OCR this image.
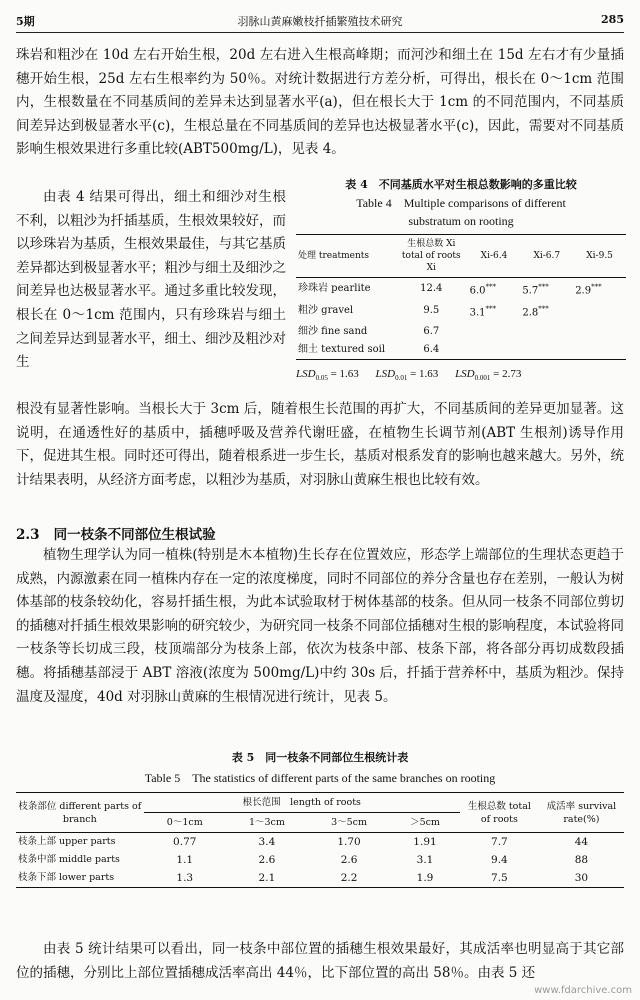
5期	羽脉山黄麻嫩枝扦插繁殖技术研究	285

珠岩和粗沙在 10d 左右开始生根，20d 左右进入生根高峰期；而河沙和细土在 15d 左右才有少量插穗开始生根，25d 左右生根率约为 50％。对统计数据进行方差分析，可得出，根长在 0～1cm 范围内，生根数量在不同基质间的差异未达到显著水平(a)，但在根长大于 1cm 的不同范围内，不同基质间差异达到极显著水平(c)，生根总量在不同基质间的差异也达极显著水平(c)，因此，需要对不同基质影响生根效果进行多重比较(ABT500mg/L)，见表 4。

由表 4 结果可得出，细土和细沙对生根不利，以粗沙为扦插基质，生根效果较好，而以珍珠岩为基质，生根效果最佳，与其它基质差异都达到极显著水平；粗沙与细土及细沙之间差异也达极显著水平。通过多重比较发现，根长在 0～1cm 范围内，只有珍珠岩与细土之间差异达到显著水平，细土、细沙及粗沙对生

表 4　不同基质水平对生根总数影响的多重比较
Table 4　Multiple comparisons of different
substratum on rooting
处理 treatments	生根总数 Xi total of roots Xi	Xi-6.4	Xi-6.7	Xi-9.5
珍珠岩 pearlite	12.4	6.0***	5.7***	2.9***
粗沙 gravel	9.5	3.1***	2.8***	
细沙 fine sand	6.7			
细土 textured soil	6.4			
$LSD_{0.05} = 1.63$ $LSD_{0.01} = 1.63$ $LSD_{0.001} = 2.73$

根没有显著性影响。当根长大于 3cm 后，随着根生长范围的再扩大，不同基质间的差异更加显著。这说明，在通透性好的基质中，插穗呼吸及营养代谢旺盛，在植物生长调节剂(ABT 生根剂)诱导作用下，促进其生根。同时还可得出，随着根系进一步生长，基质对根系发育的影响也越来越大。另外，统计结果表明，从经济方面考虑，以粗沙为基质，对羽脉山黄麻生根也比较有效。

2.3 同一枝条不同部位生根试验

植物生理学认为同一植株(特别是木本植物)生长存在位置效应，形态学上端部位的生理状态更趋于成熟，内源激素在同一植株内存在一定的浓度梯度，同时不同部位的养分含量也存在差别，一般认为树体基部的枝条较幼化，容易扦插生根，为此本试验取材于树体基部的枝条。但从同一枝条不同部位剪切的插穗对扦插生根效果影响的研究较少，为研究同一枝条不同部位插穗对生根的影响程度，本试验将同一枝条等长切成三段，枝顶端部分为枝条上部，依次为枝条中部、枝条下部，将各部分再切成数段插穗。将插穗基部浸于 ABT 溶液(浓度为 500mg/L)中约 30s 后，扦插于营养杯中，基质为粗沙。保持温度及湿度，40d 对羽脉山黄麻的生根情况进行统计，见表 5。

表 5　同一枝条不同部位生根统计表
Table 5　The statistics of different parts of the same branches on rooting
枝条部位 different parts of branch	根长范围　length of roots				生根总数 total of roots	成活率 survival rate(%)
	0～1cm	1～3cm	3～5cm	＞5cm		
枝条上部 upper parts	0.77	3.4	1.70	1.91	7.7	44
枝条中部 middle parts	1.1	2.6	2.6	3.1	9.4	88
枝条下部 lower parts	1.3	2.1	2.2	1.9	7.5	30

由表 5 统计结果可以看出，同一枝条中部位置的插穗生根效果最好，其成活率也明显高于其它部位的插穗，分别比上部位置插穗成活率高出 44％，比下部位置的高出 58％。由表 5 还

www.fdarchive.com
